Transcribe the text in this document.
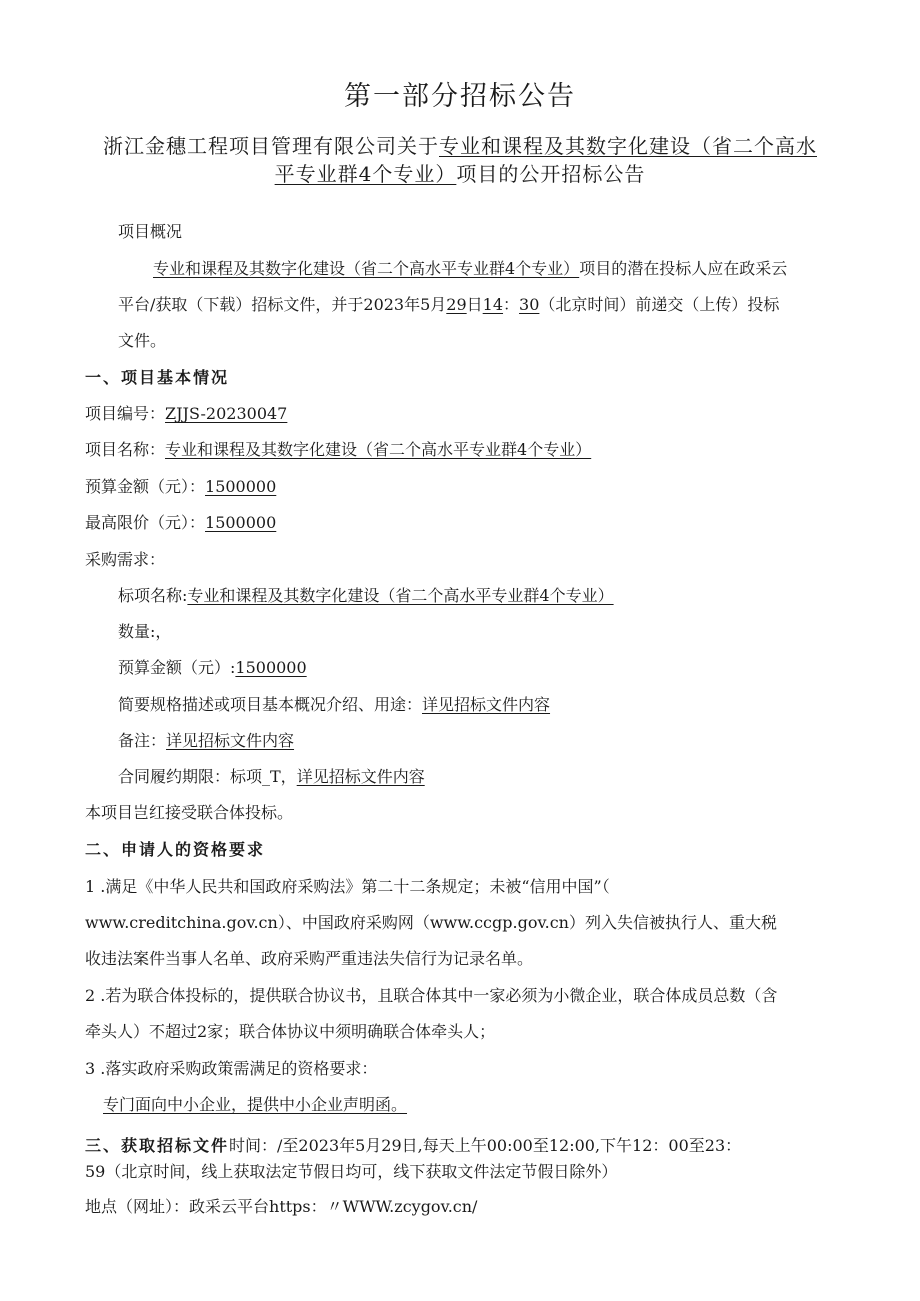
第一部分招标公告
浙江金穗工程项目管理有限公司关于专业和课程及其数字化建设（省二个高水
平专业群4个专业）项目的公开招标公告
项目概况
专业和课程及其数字化建设（省二个高水平专业群4个专业）项目的潜在投标人应在政采云
平台/获取（下载）招标文件，并于2023年5月29日14：30（北京时间）前递交（上传）投标
文件。
一、项目基本情况
项目编号：ZJJS-20230047
项目名称：专业和课程及其数字化建设（省二个高水平专业群4个专业）
预算金额（元）：1500000
最高限价（元）：1500000
采购需求：
标项名称:专业和课程及其数字化建设（省二个高水平专业群4个专业）
数量:，
预算金额（元）:1500000
简要规格描述或项目基本概况介绍、用途：详见招标文件内容
备注：详见招标文件内容
合同履约期限：标项_T，详见招标文件内容
本项目岂红接受联合体投标。
二、申请人的资格要求
1 .满足《中华人民共和国政府采购法》第二十二条规定；未被“信用中国”（
www.creditchina.gov.cn）、中国政府采购网（www.ccgp.gov.cn）列入失信被执行人、重大税
收违法案件当事人名单、政府采购严重违法失信行为记录名单。
2 .若为联合体投标的，提供联合协议书，且联合体其中一家必须为小微企业，联合体成员总数（含
牵头人）不超过2家；联合体协议中须明确联合体牵头人；
3 .落实政府采购政策需满足的资格要求：
专门面向中小企业，提供中小企业声明函。
三、获取招标文件时间：/至2023年5月29日,每天上午00:00至12:00,下午12：00至23：
59（北京时间，线上获取法定节假日均可，线下获取文件法定节假日除外）
地点（网址）：政采云平台https：〃WWW.zcygov.cn/
